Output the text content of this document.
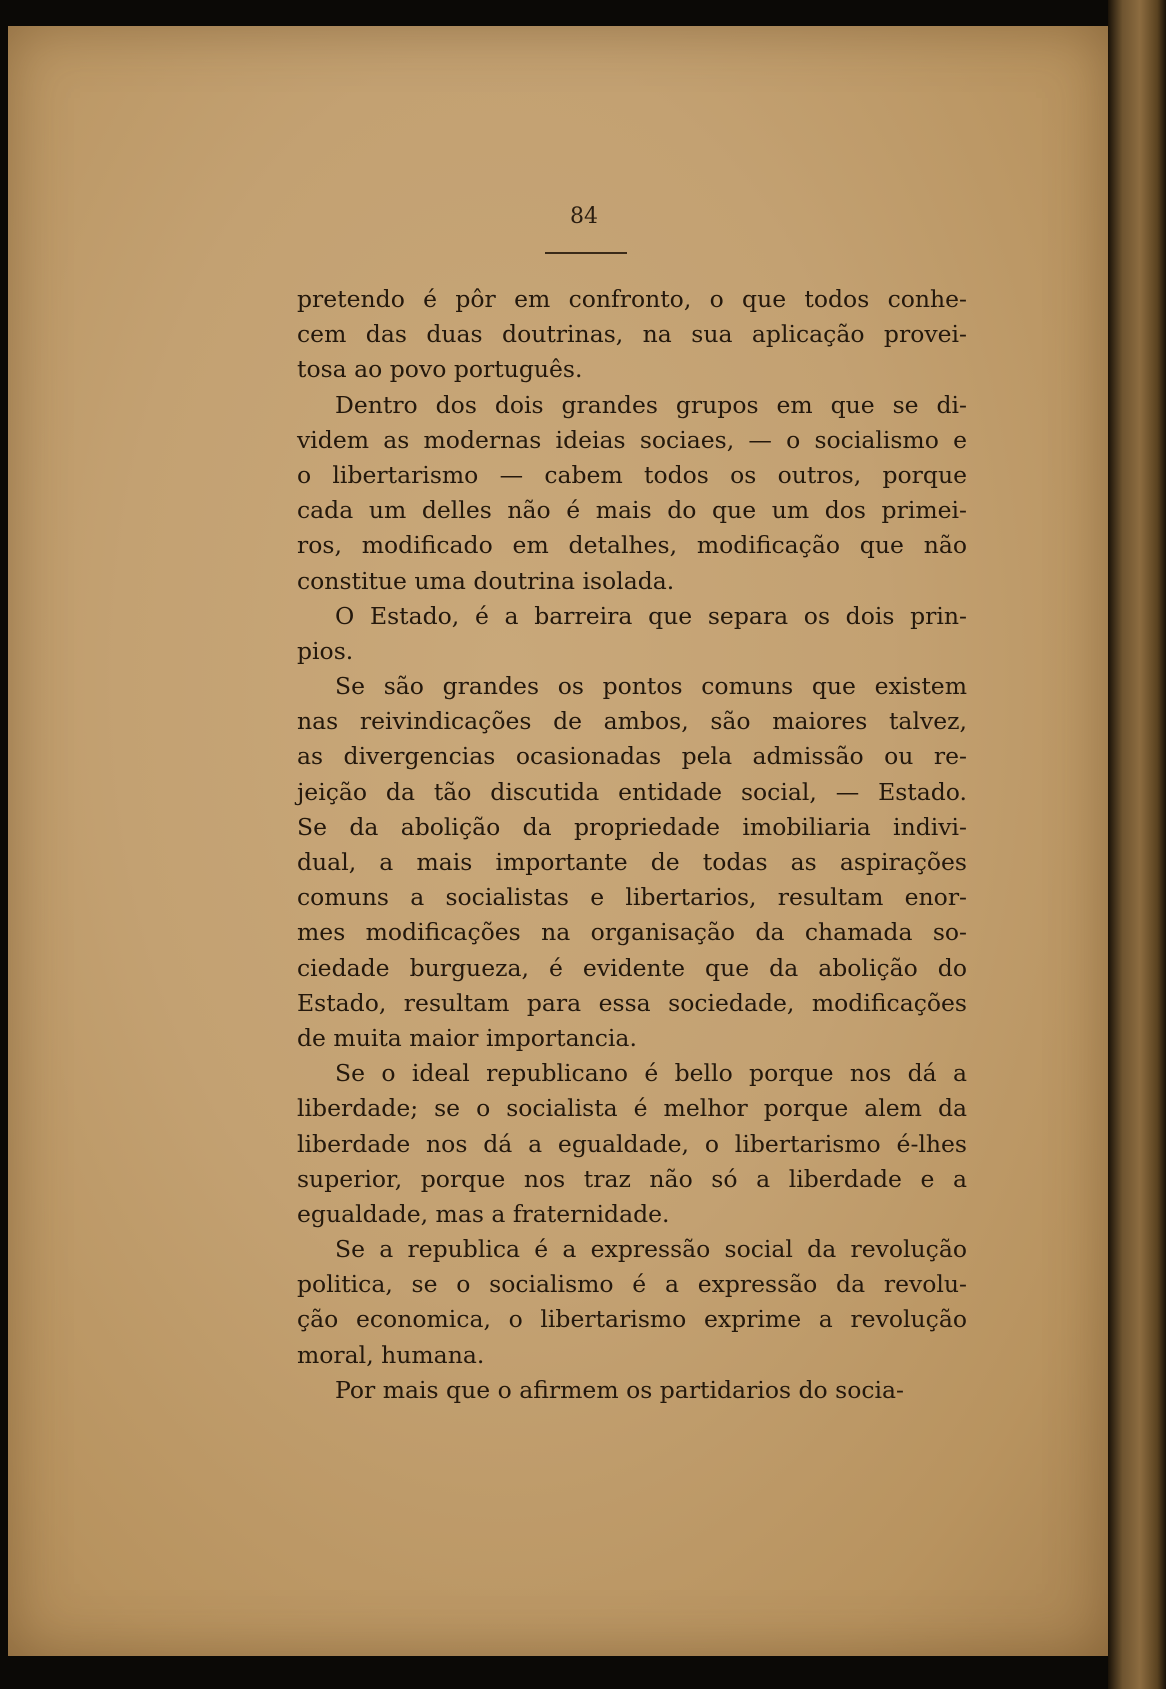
84
pretendo é pôr em confronto, o que todos conhe-
cem das duas doutrinas, na sua aplicação provei-
tosa ao povo português.
Dentro dos dois grandes grupos em que se di-
videm as modernas ideias sociaes, — o socialismo e
o libertarismo — cabem todos os outros, porque
cada um delles não é mais do que um dos primei-
ros, modificado em detalhes, modificação que não
constitue uma doutrina isolada.
O Estado, é a barreira que separa os dois prin-
pios.
Se são grandes os pontos comuns que existem
nas reivindicações de ambos, são maiores talvez,
as divergencias ocasionadas pela admissão ou re-
jeição da tão discutida entidade social, — Estado.
Se da abolição da propriedade imobiliaria indivi-
dual, a mais importante de todas as aspirações
comuns a socialistas e libertarios, resultam enor-
mes modificações na organisação da chamada so-
ciedade burgueza, é evidente que da abolição do
Estado, resultam para essa sociedade, modificações
de muita maior importancia.
Se o ideal republicano é bello porque nos dá a
liberdade; se o socialista é melhor porque alem da
liberdade nos dá a egualdade, o libertarismo é-lhes
superior, porque nos traz não só a liberdade e a
egualdade, mas a fraternidade.
Se a republica é a expressão social da revolução
politica, se o socialismo é a expressão da revolu-
ção economica, o libertarismo exprime a revolução
moral, humana.
Por mais que o afirmem os partidarios do socia-
